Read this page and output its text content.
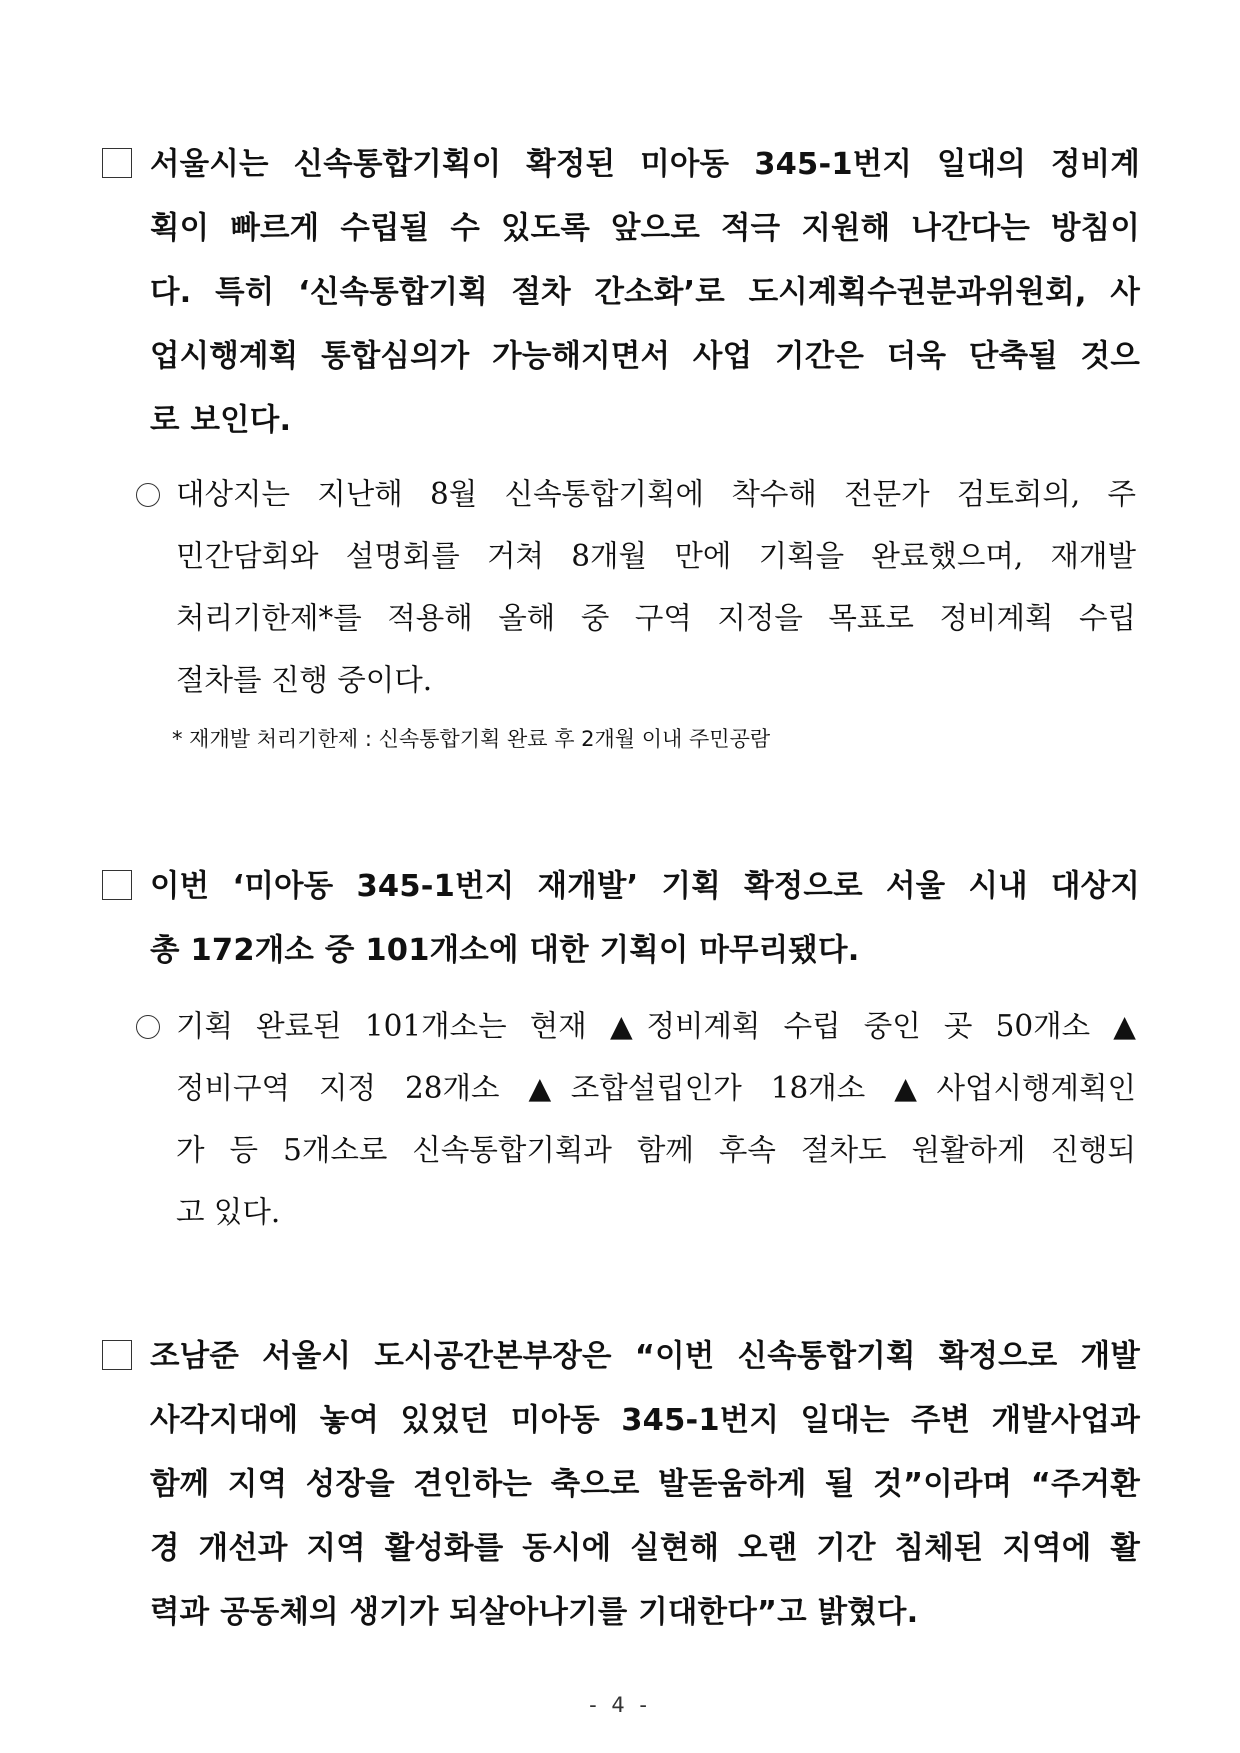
서울시는 신속통합기획이 확정된 미아동 345-1번지 일대의 정비계
획이 빠르게 수립될 수 있도록 앞으로 적극 지원해 나간다는 방침이
다. 특히 ‘신속통합기획 절차 간소화’로 도시계획수권분과위원회, 사
업시행계획 통합심의가 가능해지면서 사업 기간은 더욱 단축될 것으
로 보인다.
대상지는 지난해 8월 신속통합기획에 착수해 전문가 검토회의, 주
민간담회와 설명회를 거쳐 8개월 만에 기획을 완료했으며, 재개발
처리기한제*를 적용해 올해 중 구역 지정을 목표로 정비계획 수립
절차를 진행 중이다.
* 재개발 처리기한제 : 신속통합기획 완료 후 2개월 이내 주민공람
이번 ‘미아동 345-1번지 재개발’ 기획 확정으로 서울 시내 대상지
총 172개소 중 101개소에 대한 기획이 마무리됐다.
기획 완료된 101개소는 현재 ▲정비계획 수립 중인 곳 50개소 ▲
정비구역 지정 28개소 ▲조합설립인가 18개소 ▲사업시행계획인
가 등 5개소로 신속통합기획과 함께 후속 절차도 원활하게 진행되
고 있다.
조남준 서울시 도시공간본부장은 “이번 신속통합기획 확정으로 개발
사각지대에 놓여 있었던 미아동 345-1번지 일대는 주변 개발사업과
함께 지역 성장을 견인하는 축으로 발돋움하게 될 것”이라며 “주거환
경 개선과 지역 활성화를 동시에 실현해 오랜 기간 침체된 지역에 활
력과 공동체의 생기가 되살아나기를 기대한다”고 밝혔다.
- 4 -
